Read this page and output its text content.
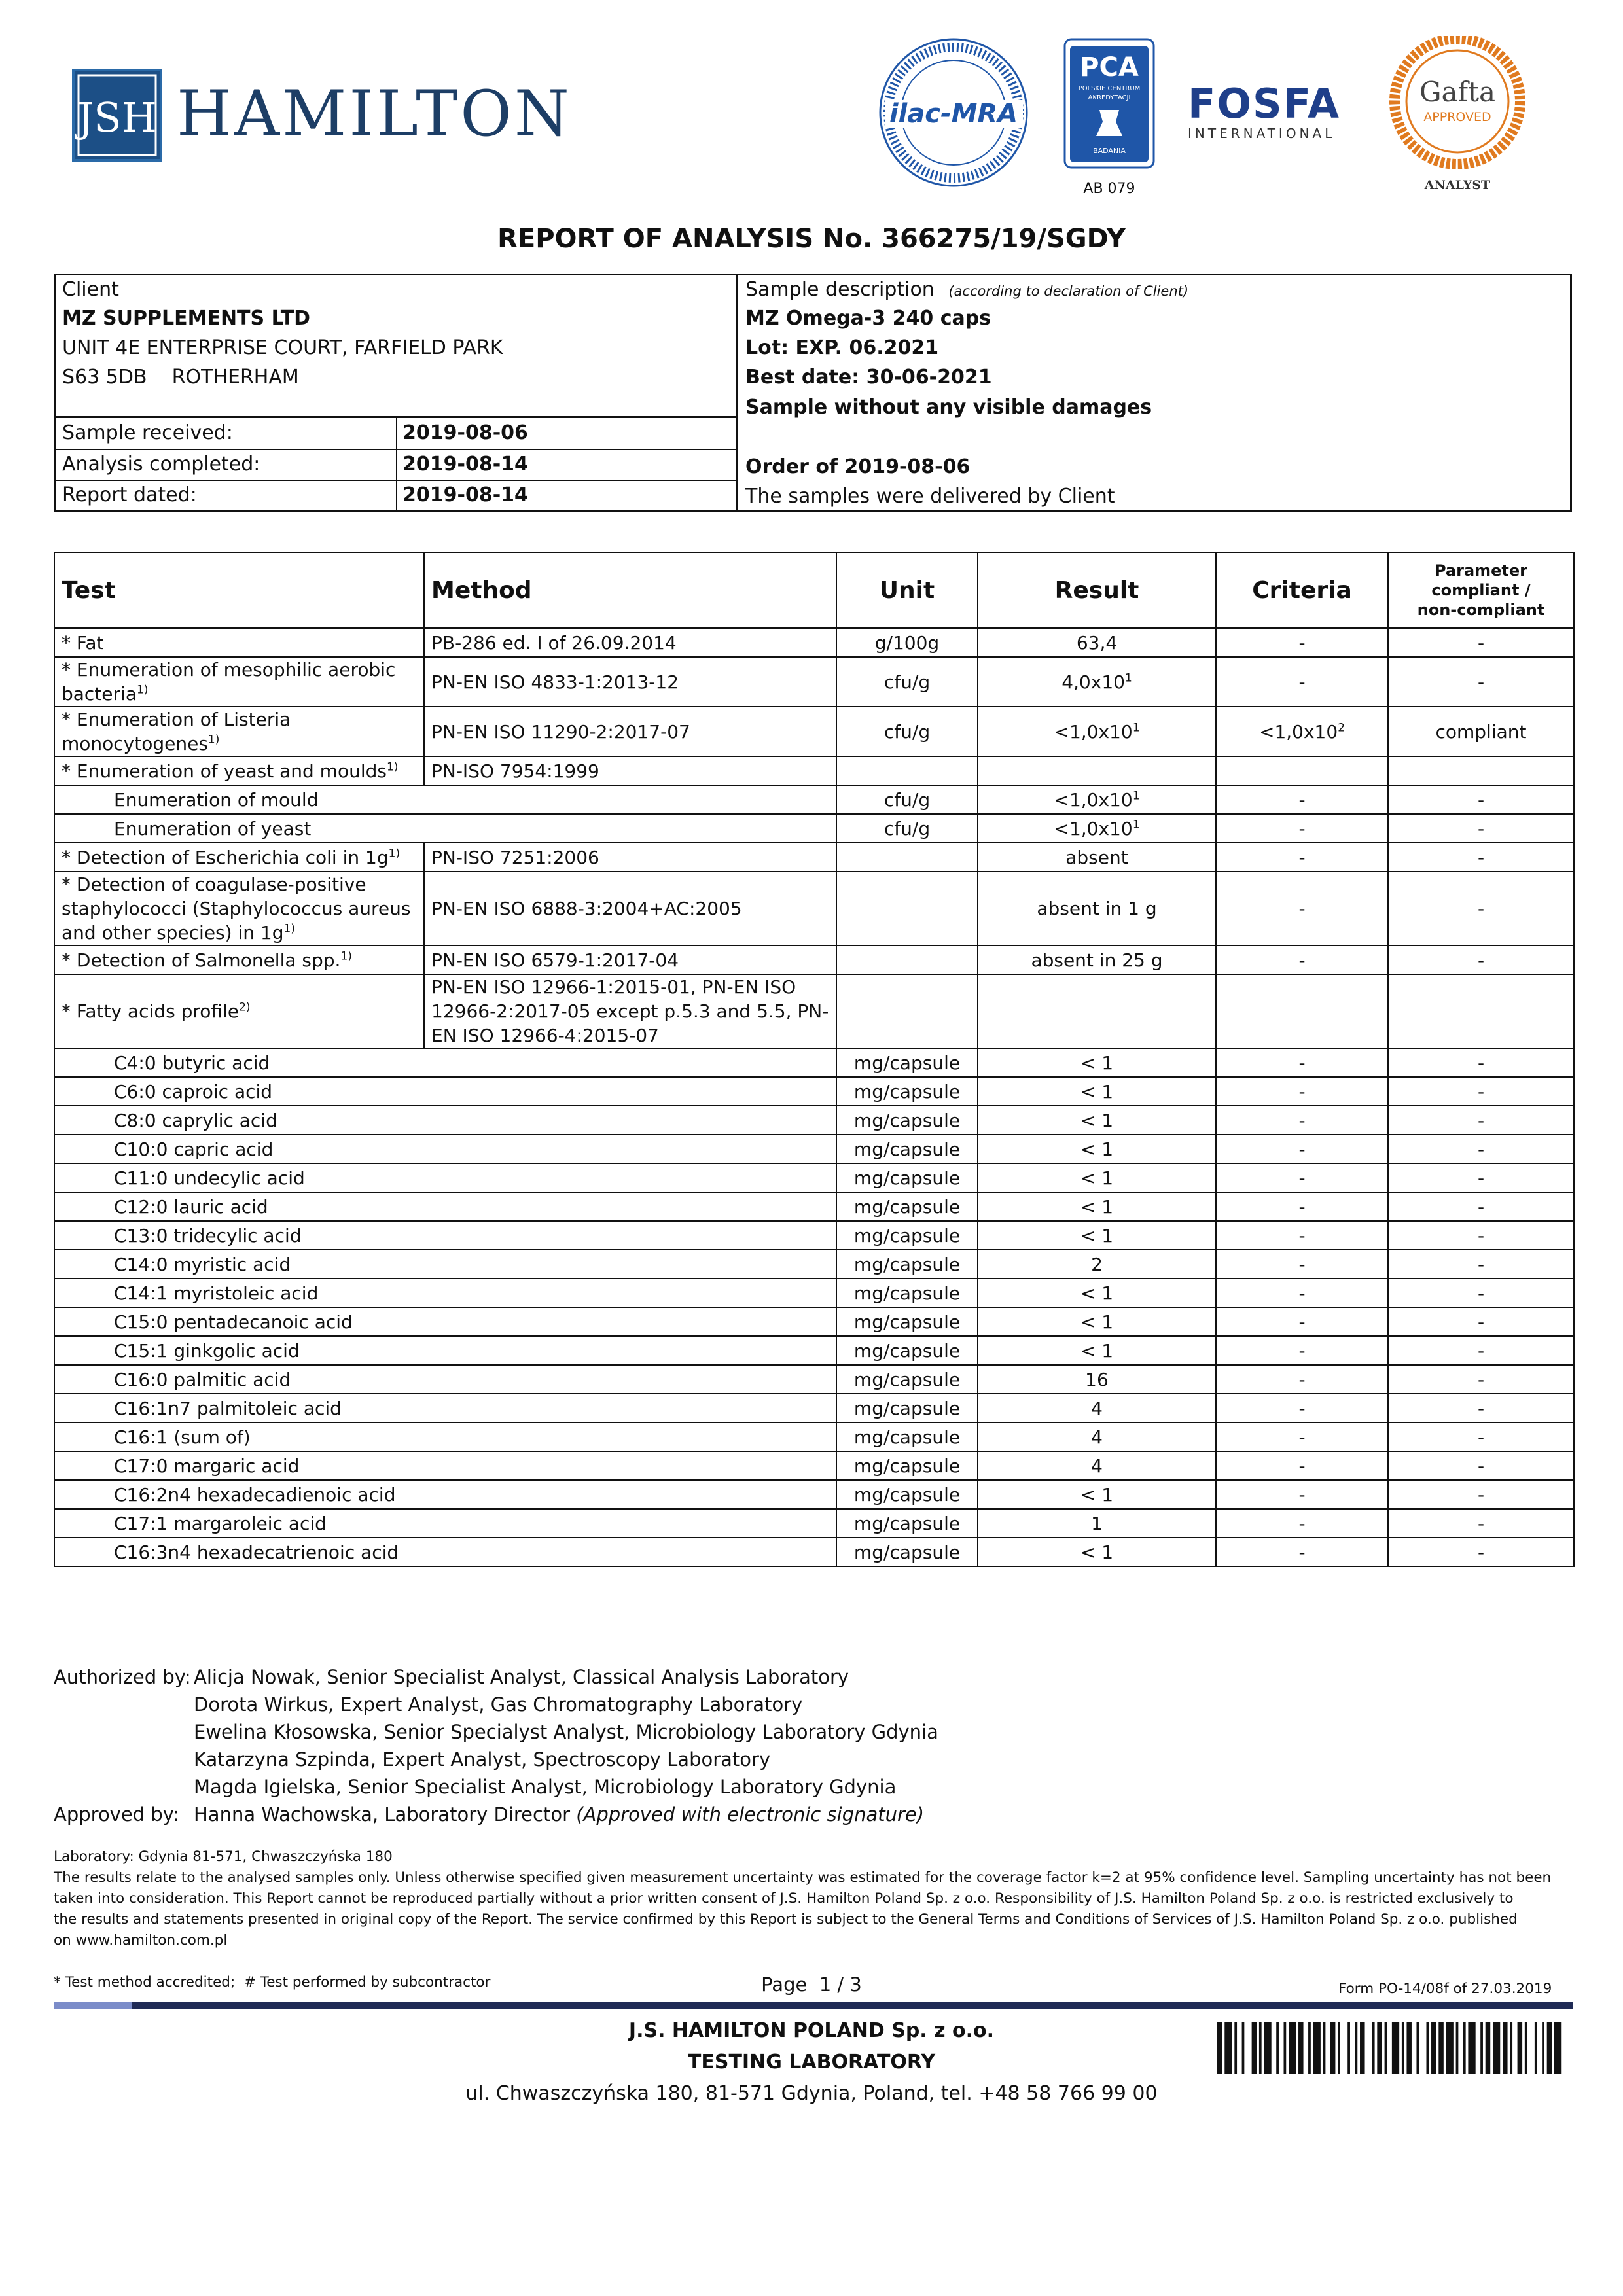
JSH HAMILTON	ilac-MRA
PCA
POLSKIE CENTRUM
AKREDYTACJI
BADANIA
AB 079
FOSFA
INTERNATIONAL
Gafta
APPROVED
ANALYST
REPORT OF ANALYSIS No. 366275/19/SGDY
Client
MZ SUPPLEMENTS LTD
UNIT 4E ENTERPRISE COURT, FARFIELD PARK
S63 5DB    ROTHERHAM
Sample received:	2019-08-06
Analysis completed:	2019-08-14
Report dated:	2019-08-14
Sample description (according to declaration of Client)
MZ Omega-3 240 caps
Lot: EXP. 06.2021
Best date: 30-06-2021
Sample without any visible damages
Order of 2019-08-06
The samples were delivered by Client
Test	Method	Unit	Result	Criteria	Parameter
compliant /
non-compliant
* Fat	PB-286 ed. I of 26.09.2014	g/100g	63,4	-	-
* Enumeration of mesophilic aerobic bacteria$^{1)}$	PN-EN ISO 4833-1:2013-12	cfu/g	$4,0x10^1$	-	-
* Enumeration of Listeria monocytogenes$^{1)}$	PN-EN ISO 11290-2:2017-07	cfu/g	$<1,0x10^1$	$<1,0x10^2$	compliant
* Enumeration of yeast and moulds$^{1)}$	PN-ISO 7954:1999				
Enumeration of mould		cfu/g	$<1,0x10^1$	-	-
Enumeration of yeast		cfu/g	$<1,0x10^1$	-	-
* Detection of Escherichia coli in $1g^{1)}$	PN-ISO 7251:2006		absent	-	-
* Detection of coagulase-positive staphylococci (Staphylococcus aureus and other species) in $1g^{1)}$	PN-EN ISO 6888-3:2004+AC:2005		absent in 1 g	-	-
* Detection of Salmonella spp.$^{1)}$	PN-EN ISO 6579-1:2017-04		absent in 25 g	-	-
* Fatty acids profile$^{2)}$	PN-EN ISO 12966-1:2015-01, PN-EN ISO 12966-2:2017-05 except p.5.3 and 5.5, PN-EN ISO 12966-4:2015-07				
C4:0 butyric acid		mg/capsule	< 1	-	-
C6:0 caproic acid		mg/capsule	< 1	-	-
C8:0 caprylic acid		mg/capsule	< 1	-	-
C10:0 capric acid		mg/capsule	< 1	-	-
C11:0 undecylic acid		mg/capsule	< 1	-	-
C12:0 lauric acid		mg/capsule	< 1	-	-
C13:0 tridecylic acid		mg/capsule	< 1	-	-
C14:0 myristic acid		mg/capsule	2	-	-
C14:1 myristoleic acid		mg/capsule	< 1	-	-
C15:0 pentadecanoic acid		mg/capsule	< 1	-	-
C15:1 ginkgolic acid		mg/capsule	< 1	-	-
C16:0 palmitic acid		mg/capsule	16	-	-
C16:1n7 palmitoleic acid		mg/capsule	4	-	-
C16:1 (sum of)		mg/capsule	4	-	-
C17:0 margaric acid		mg/capsule	4	-	-
C16:2n4 hexadecadienoic acid		mg/capsule	< 1	-	-
C17:1 margaroleic acid		mg/capsule	1	-	-
C16:3n4 hexadecatrienoic acid		mg/capsule	< 1	-	-
Authorized by: Alicja Nowak, Senior Specialist Analyst, Classical Analysis Laboratory
Dorota Wirkus, Expert Analyst, Gas Chromatography Laboratory
Ewelina Kłosowska, Senior Specialyst Analyst, Microbiology Laboratory Gdynia
Katarzyna Szpinda, Expert Analyst, Spectroscopy Laboratory
Magda Igielska, Senior Specialist Analyst, Microbiology Laboratory Gdynia
Approved by: Hanna Wachowska, Laboratory Director (Approved with electronic signature)
Laboratory: Gdynia 81-571, Chwaszczyńska 180
The results relate to the analysed samples only. Unless otherwise specified given measurement uncertainty was estimated for the coverage factor k=2 at 95% confidence level. Sampling uncertainty has not been
taken into consideration. This Report cannot be reproduced partially without a prior written consent of J.S. Hamilton Poland Sp. z o.o. Responsibility of J.S. Hamilton Poland Sp. z o.o. is restricted exclusively to
the results and statements presented in original copy of the Report. The service confirmed by this Report is subject to the General Terms and Conditions of Services of J.S. Hamilton Poland Sp. z o.o. published
on www.hamilton.com.pl
* Test method accredited;  # Test performed by subcontractor	Page  1 / 3	Form PO-14/08f of 27.03.2019
J.S. HAMILTON POLAND Sp. z o.o.
TESTING LABORATORY
ul. Chwaszczyńska 180, 81-571 Gdynia, Poland, tel. +48 58 766 99 00
